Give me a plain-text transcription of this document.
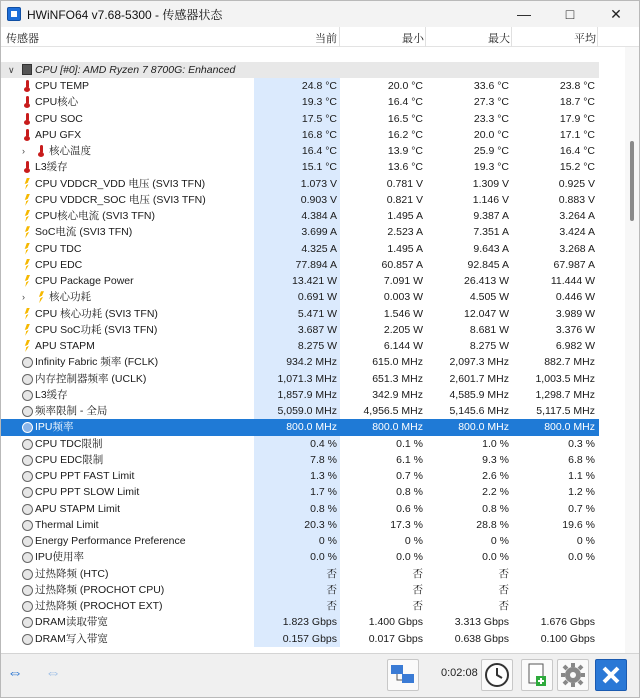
HWiNFO64 v7.68-5300 - 传感器状态	—	□	✕
传感器	当前	最小	最大	平均
∨ CPU [#0]: AMD Ryzen 7 8700G: Enhanced
CPU TEMP	24.8 °C	20.0 °C	33.6 °C	23.8 °C
CPU核心	19.3 °C	16.4 °C	27.3 °C	18.7 °C
CPU SOC	17.5 °C	16.5 °C	23.3 °C	17.9 °C
APU GFX	16.8 °C	16.2 °C	20.0 °C	17.1 °C
› 核心温度	16.4 °C	13.9 °C	25.9 °C	16.4 °C
L3缓存	15.1 °C	13.6 °C	19.3 °C	15.2 °C
CPU VDDCR_VDD 电压 (SVI3 TFN)	1.073 V	0.781 V	1.309 V	0.925 V
CPU VDDCR_SOC 电压 (SVI3 TFN)	0.903 V	0.821 V	1.146 V	0.883 V
CPU核心电流 (SVI3 TFN)	4.384 A	1.495 A	9.387 A	3.264 A
SoC电流 (SVI3 TFN)	3.699 A	2.523 A	7.351 A	3.424 A
CPU TDC	4.325 A	1.495 A	9.643 A	3.268 A
CPU EDC	77.894 A	60.857 A	92.845 A	67.987 A
CPU Package Power	13.421 W	7.091 W	26.413 W	11.444 W
› 核心功耗	0.691 W	0.003 W	4.505 W	0.446 W
CPU 核心功耗 (SVI3 TFN)	5.471 W	1.546 W	12.047 W	3.989 W
CPU SoC功耗 (SVI3 TFN)	3.687 W	2.205 W	8.681 W	3.376 W
APU STAPM	8.275 W	6.144 W	8.275 W	6.982 W
Infinity Fabric 频率 (FCLK)	934.2 MHz	615.0 MHz	2,097.3 MHz	882.7 MHz
内存控制器频率 (UCLK)	1,071.3 MHz	651.3 MHz	2,601.7 MHz	1,003.5 MHz
L3缓存	1,857.9 MHz	342.9 MHz	4,585.9 MHz	1,298.7 MHz
频率限制 - 全局	5,059.0 MHz	4,956.5 MHz	5,145.6 MHz	5,117.5 MHz
IPU频率	800.0 MHz	800.0 MHz	800.0 MHz	800.0 MHz
CPU TDC限制	0.4 %	0.1 %	1.0 %	0.3 %
CPU EDC限制	7.8 %	6.1 %	9.3 %	6.8 %
CPU PPT FAST Limit	1.3 %	0.7 %	2.6 %	1.1 %
CPU PPT SLOW Limit	1.7 %	0.8 %	2.2 %	1.2 %
APU STAPM Limit	0.8 %	0.6 %	0.8 %	0.7 %
Thermal Limit	20.3 %	17.3 %	28.8 %	19.6 %
Energy Performance Preference	0 %	0 %	0 %	0 %
IPU使用率	0.0 %	0.0 %	0.0 %	0.0 %
过热降频 (HTC)	否	否	否
过热降频 (PROCHOT CPU)	否	否	否
过热降频 (PROCHOT EXT)	否	否	否
DRAM读取带宽	1.823 Gbps	1.400 Gbps	3.313 Gbps	1.676 Gbps
DRAM写入带宽	0.157 Gbps	0.017 Gbps	0.638 Gbps	0.100 Gbps
⇔ ⇔	0:02:08
